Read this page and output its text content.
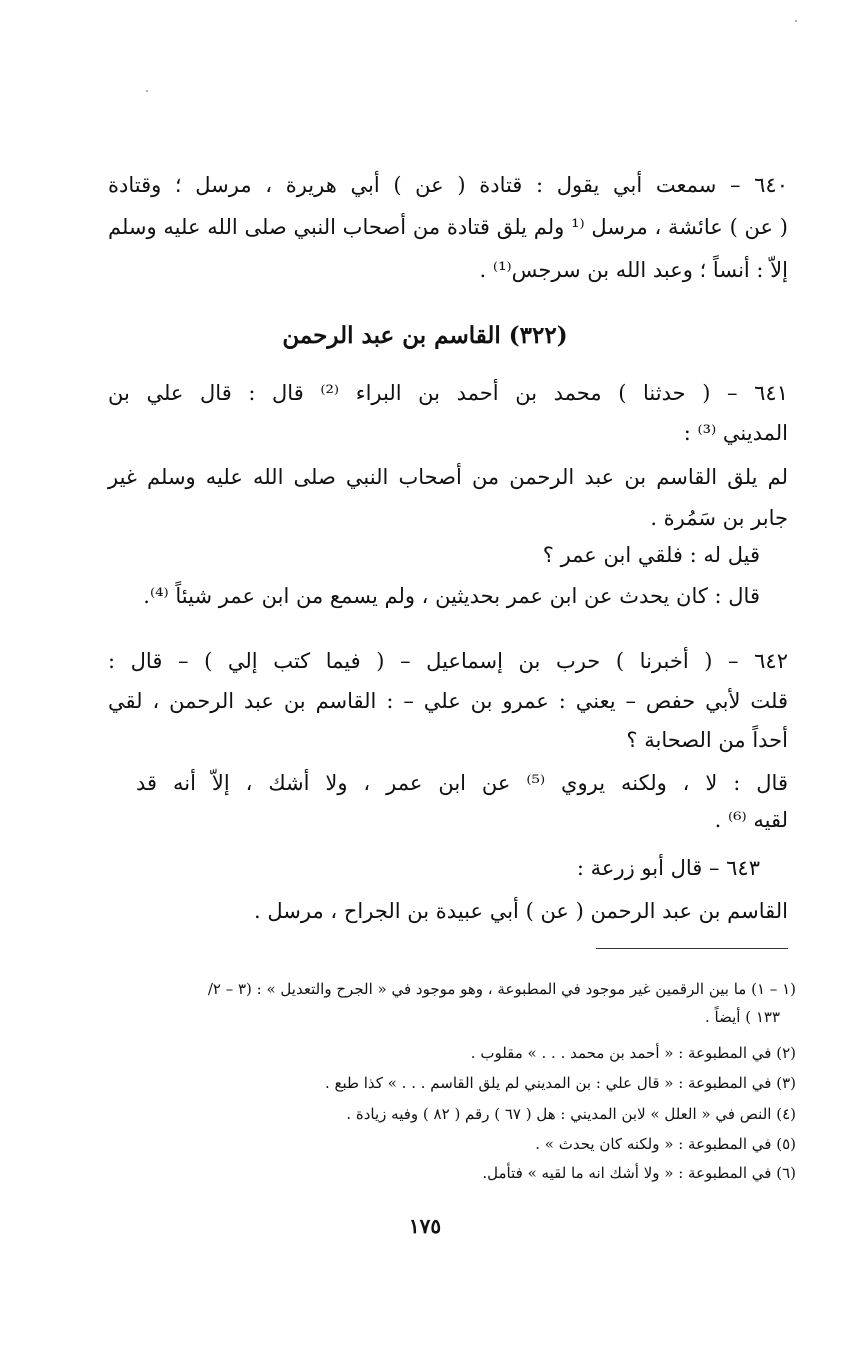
٦٤٠ – سمعت أبي يقول : قتادة ( عن ) أبي هريرة ، مرسل ؛ وقتادة
( عن ) عائشة ، مرسل ⁽¹ ولم يلق قتادة من أصحاب النبي صلى الله عليه وسلم
إلاّ : أنساً ؛ وعبد الله بن سرجس⁽¹⁾ .
(٣٢٢) القاسم بن عبد الرحمن
٦٤١ – ( حدثنا ) محمد بن أحمد بن البراء ⁽²⁾ قال : قال علي بن
المديني ⁽³⁾ :
لم يلق القاسم بن عبد الرحمن من أصحاب النبي صلى الله عليه وسلم غير
جابر بن سَمُرة .
قيل له : فلقي ابن عمر ؟
قال : كان يحدث عن ابن عمر بحديثين ، ولم يسمع من ابن عمر شيئاً ⁽⁴⁾.
٦٤٢ – ( أخبرنا ) حرب بن إسماعيل – ( فيما كتب إلي ) – قال :
قلت لأبي حفص – يعني : عمرو بن علي – : القاسم بن عبد الرحمن ، لقي
أحداً من الصحابة ؟
قال : لا ، ولكنه يروي ⁽⁵⁾ عن ابن عمر ، ولا أشك ، إلاّ أنه قد
لقيه ⁽⁶⁾ .
٦٤٣ – قال أبو زرعة :
القاسم بن عبد الرحمن ( عن ) أبي عبيدة بن الجراح ، مرسل .
(١ – ١) ما بين الرقمين غير موجود في المطبوعة ، وهو موجود في « الجرح والتعديل » : (٣ – ٢/
١٣٣ ) أيضاً .
(٢) في المطبوعة : « أحمد بن محمد . . . » مقلوب .
(٣) في المطبوعة : « قال علي : بن المديني لم يلق القاسم . . . » كذا طبع .
(٤) النص في « العلل » لابن المديني : هل ( ٦٧ ) رقم ( ٨٢ ) وفيه زيادة .
(٥) في المطبوعة : « ولكنه كان يحدث » .
(٦) في المطبوعة : « ولا أشك انه ما لقيه » فتأمل.
١٧٥
